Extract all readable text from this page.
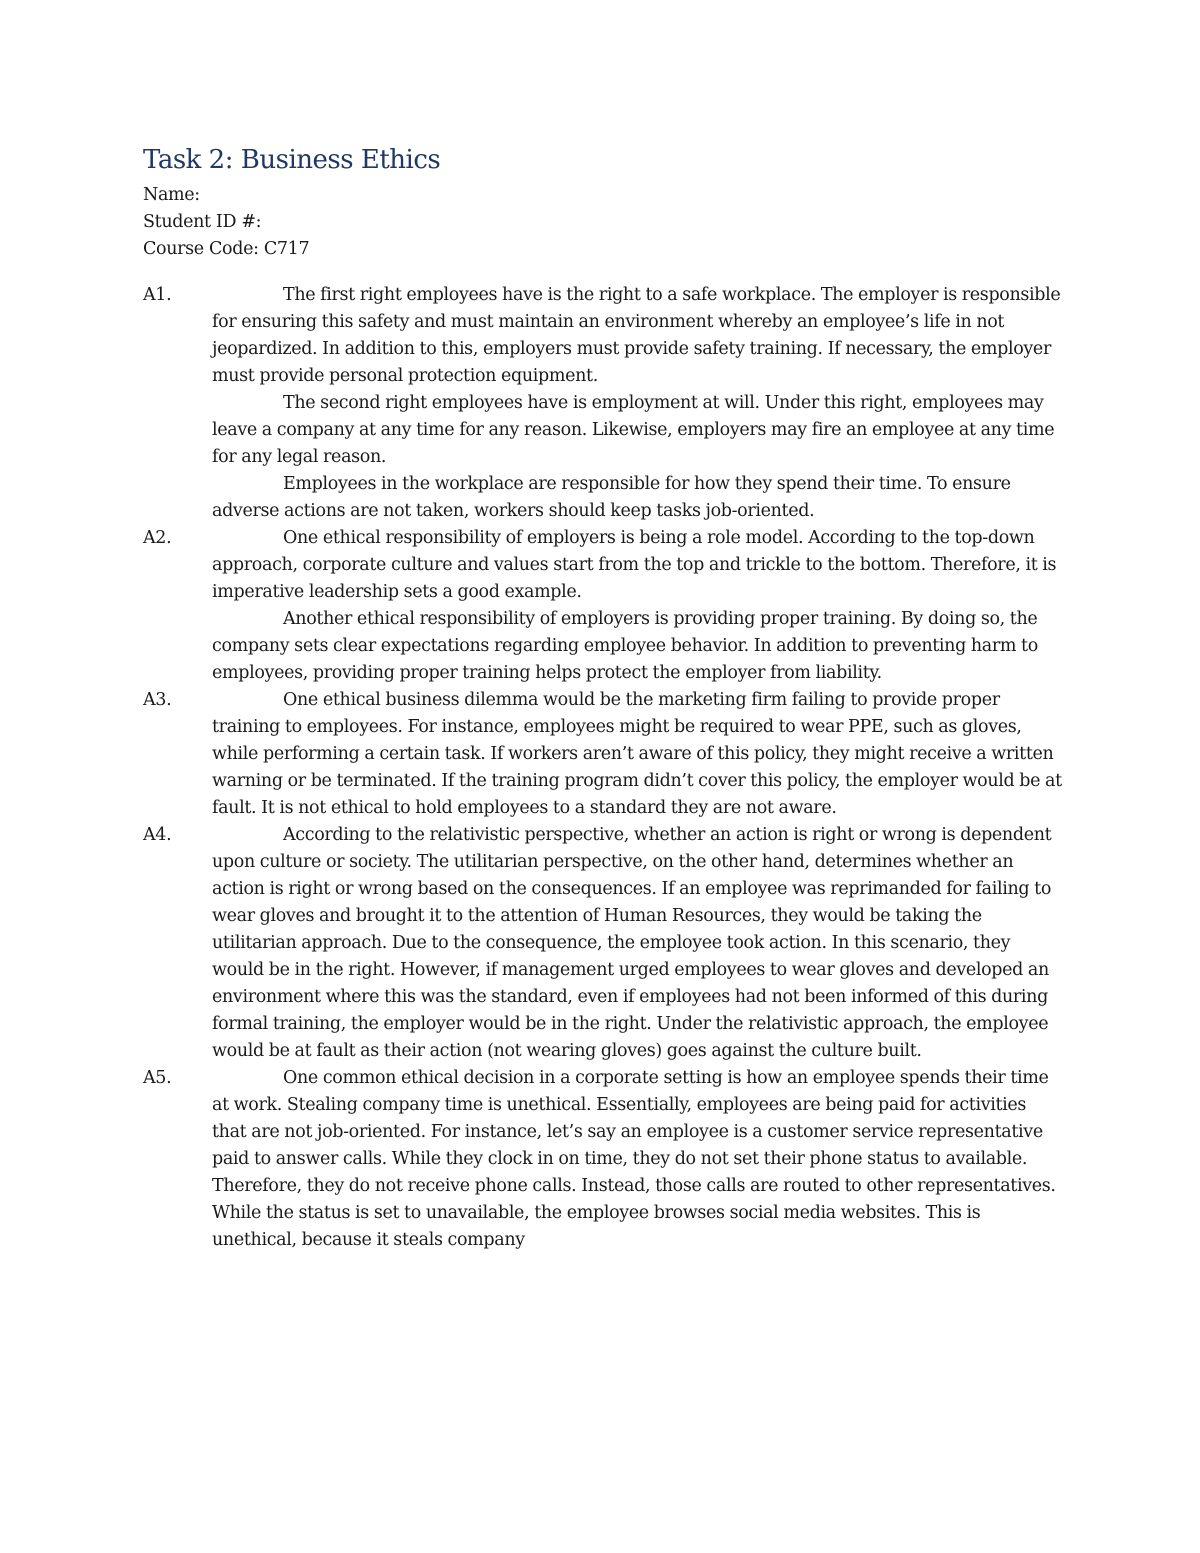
Task 2: Business Ethics
Name:
Student ID #:
Course Code: C717
A1.	The first right employees have is the right to a safe workplace. The employer is responsible for ensuring this safety and must maintain an environment whereby an employee’s life in not jeopardized. In addition to this, employers must provide safety training. If necessary, the employer must provide personal protection equipment.

The second right employees have is employment at will. Under this right, employees may leave a company at any time for any reason. Likewise, employers may fire an employee at any time for any legal reason.

Employees in the workplace are responsible for how they spend their time. To ensure adverse actions are not taken, workers should keep tasks job-oriented.

A2.	One ethical responsibility of employers is being a role model. According to the top-down approach, corporate culture and values start from the top and trickle to the bottom. Therefore, it is imperative leadership sets a good example.

Another ethical responsibility of employers is providing proper training. By doing so, the company sets clear expectations regarding employee behavior. In addition to preventing harm to employees, providing proper training helps protect the employer from liability.

A3.	One ethical business dilemma would be the marketing firm failing to provide proper training to employees. For instance, employees might be required to wear PPE, such as gloves, while performing a certain task. If workers aren’t aware of this policy, they might receive a written warning or be terminated. If the training program didn’t cover this policy, the employer would be at fault. It is not ethical to hold employees to a standard they are not aware.

A4.	According to the relativistic perspective, whether an action is right or wrong is dependent upon culture or society. The utilitarian perspective, on the other hand, determines whether an action is right or wrong based on the consequences. If an employee was reprimanded for failing to wear gloves and brought it to the attention of Human Resources, they would be taking the utilitarian approach. Due to the consequence, the employee took action. In this scenario, they would be in the right. However, if management urged employees to wear gloves and developed an environment where this was the standard, even if employees had not been informed of this during formal training, the employer would be in the right. Under the relativistic approach, the employee would be at fault as their action (not wearing gloves) goes against the culture built.

A5.	One common ethical decision in a corporate setting is how an employee spends their time at work. Stealing company time is unethical. Essentially, employees are being paid for activities that are not job-oriented. For instance, let’s say an employee is a customer service representative paid to answer calls. While they clock in on time, they do not set their phone status to available. Therefore, they do not receive phone calls. Instead, those calls are routed to other representatives. While the status is set to unavailable, the employee browses social media websites. This is unethical, because it steals company
